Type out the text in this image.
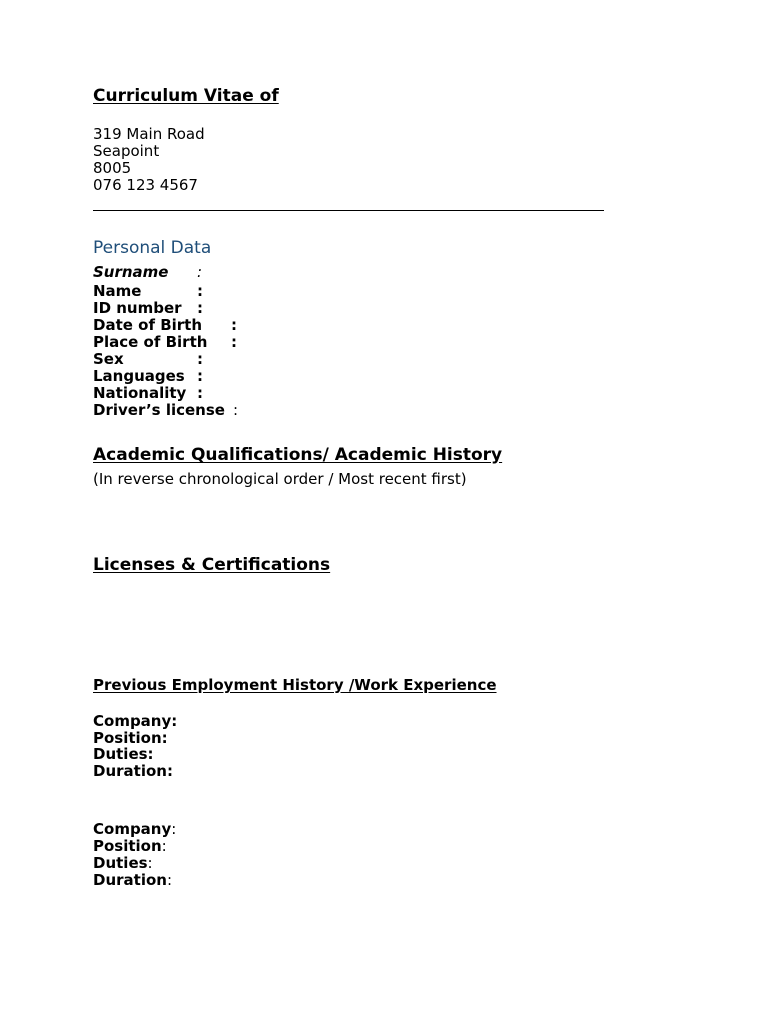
Curriculum Vitae of
319 Main Road
Seapoint
8005
076 123 4567
Personal Data
Surname :
Name	:
ID number :
Date of Birth :
Place of Birth :
Sex	:
Languages :
Nationality :
Driver’s license :
Academic Qualifications/ Academic History
(In reverse chronological order / Most recent first)
Licenses & Certifications
Previous Employment History /Work Experience
Company:
Position:
Duties:
Duration:
Company:
Position:
Duties:
Duration:
